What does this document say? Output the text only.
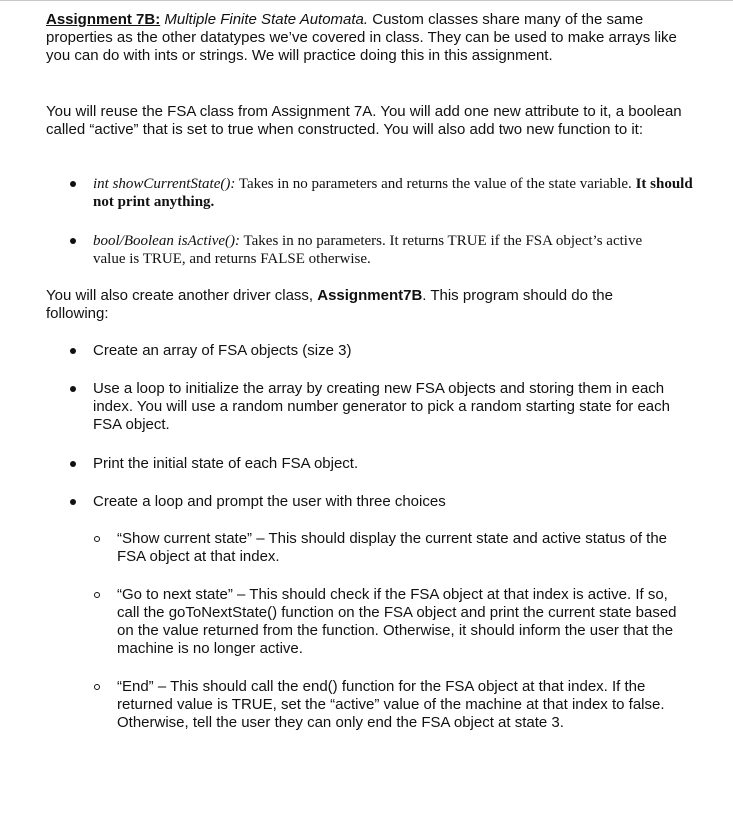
Assignment 7B: Multiple Finite State Automata. Custom classes share many of the same properties as the other datatypes we’ve covered in class. They can be used to make arrays like you can do with ints or strings. We will practice doing this in this assignment.

You will reuse the FSA class from Assignment 7A. You will add one new attribute to it, a boolean called “active” that is set to true when constructed. You will also add two new function to it:

int showCurrentState(): Takes in no parameters and returns the value of the state variable. It should not print anything.

bool/Boolean isActive(): Takes in no parameters. It returns TRUE if the FSA object’s active value is TRUE, and returns FALSE otherwise.

You will also create another driver class, Assignment7B. This program should do the following:

Create an array of FSA objects (size 3)

Use a loop to initialize the array by creating new FSA objects and storing them in each index. You will use a random number generator to pick a random starting state for each FSA object.

Print the initial state of each FSA object.

Create a loop and prompt the user with three choices

“Show current state” – This should display the current state and active status of the FSA object at that index.

“Go to next state” – This should check if the FSA object at that index is active. If so, call the goToNextState() function on the FSA object and print the current state based on the value returned from the function. Otherwise, it should inform the user that the machine is no longer active.

“End” – This should call the end() function for the FSA object at that index. If the returned value is TRUE, set the “active” value of the machine at that index to false. Otherwise, tell the user they can only end the FSA object at state 3.
